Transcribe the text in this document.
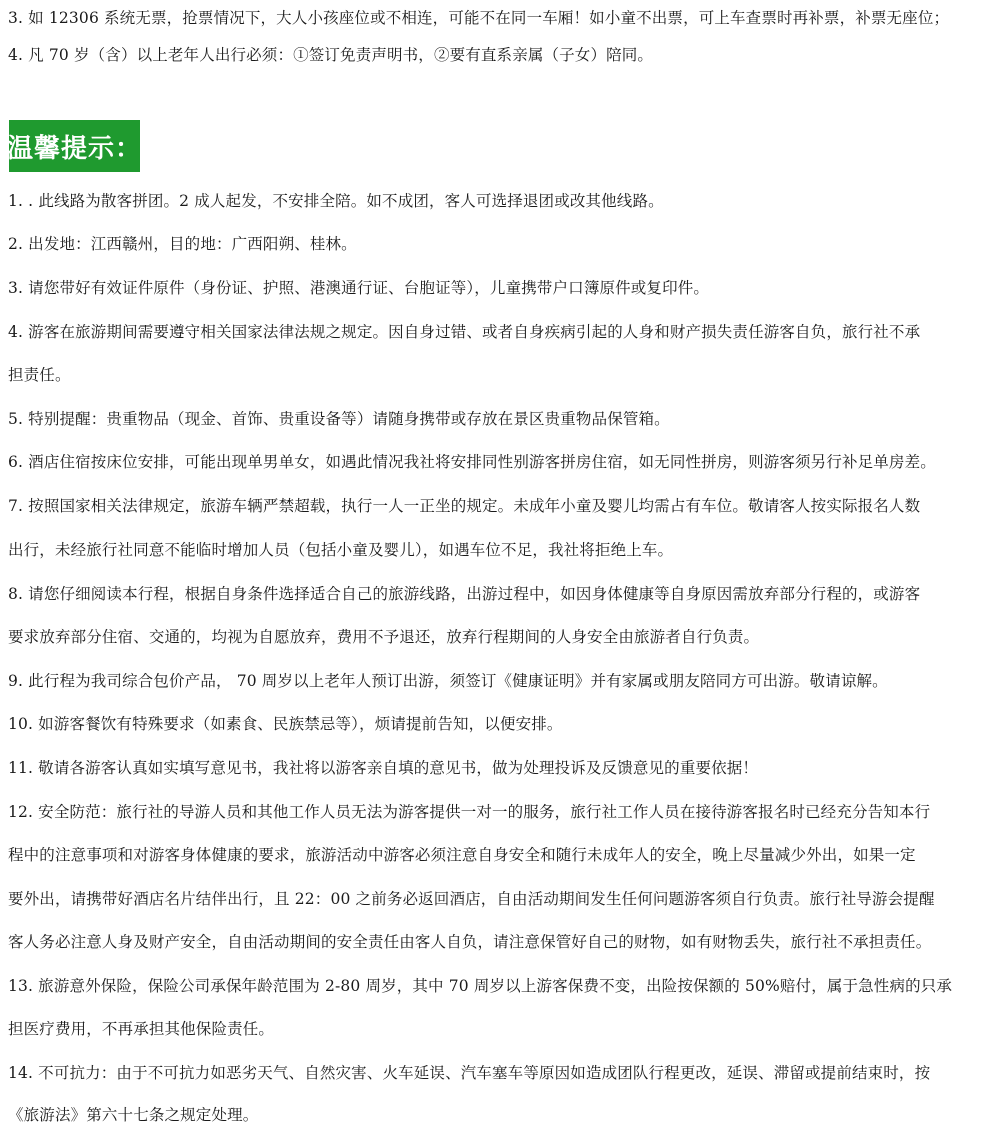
3. 如 12306 系统无票，抢票情况下，大人小孩座位或不相连，可能不在同一车厢！如小童不出票，可上车查票时再补票，补票无座位；
4. 凡 70 岁（含）以上老年人出行必须：①签订免责声明书，②要有直系亲属（子女）陪同。
温馨提示：
1. . 此线路为散客拼团。2 成人起发，不安排全陪。如不成团，客人可选择退团或改其他线路。
2. 出发地：江西赣州，目的地：广西阳朔、桂林。
3. 请您带好有效证件原件（身份证、护照、港澳通行证、台胞证等），儿童携带户口簿原件或复印件。
4. 游客在旅游期间需要遵守相关国家法律法规之规定。因自身过错、或者自身疾病引起的人身和财产损失责任游客自负，旅行社不承
担责任。
5. 特别提醒：贵重物品（现金、首饰、贵重设备等）请随身携带或存放在景区贵重物品保管箱。
6. 酒店住宿按床位安排，可能出现单男单女，如遇此情况我社将安排同性别游客拼房住宿，如无同性拼房，则游客须另行补足单房差。
7. 按照国家相关法律规定，旅游车辆严禁超载，执行一人一正坐的规定。未成年小童及婴儿均需占有车位。敬请客人按实际报名人数
出行，未经旅行社同意不能临时增加人员（包括小童及婴儿），如遇车位不足，我社将拒绝上车。
8. 请您仔细阅读本行程，根据自身条件选择适合自己的旅游线路，出游过程中，如因身体健康等自身原因需放弃部分行程的，或游客
要求放弃部分住宿、交通的，均视为自愿放弃，费用不予退还，放弃行程期间的人身安全由旅游者自行负责。
9. 此行程为我司综合包价产品， 70 周岁以上老年人预订出游，须签订《健康证明》并有家属或朋友陪同方可出游。敬请谅解。
10. 如游客餐饮有特殊要求（如素食、民族禁忌等），烦请提前告知，以便安排。
11. 敬请各游客认真如实填写意见书，我社将以游客亲自填的意见书，做为处理投诉及反馈意见的重要依据！
12. 安全防范：旅行社的导游人员和其他工作人员无法为游客提供一对一的服务，旅行社工作人员在接待游客报名时已经充分告知本行
程中的注意事项和对游客身体健康的要求，旅游活动中游客必须注意自身安全和随行未成年人的安全，晚上尽量减少外出，如果一定
要外出，请携带好酒店名片结伴出行，且 22：00 之前务必返回酒店，自由活动期间发生任何问题游客须自行负责。旅行社导游会提醒
客人务必注意人身及财产安全，自由活动期间的安全责任由客人自负，请注意保管好自己的财物，如有财物丢失，旅行社不承担责任。
13. 旅游意外保险，保险公司承保年龄范围为 2-80 周岁，其中 70 周岁以上游客保费不变，出险按保额的 50%赔付，属于急性病的只承
担医疗费用，不再承担其他保险责任。
14. 不可抗力：由于不可抗力如恶劣天气、自然灾害、火车延误、汽车塞车等原因如造成团队行程更改，延误、滞留或提前结束时，按
《旅游法》第六十七条之规定处理。
